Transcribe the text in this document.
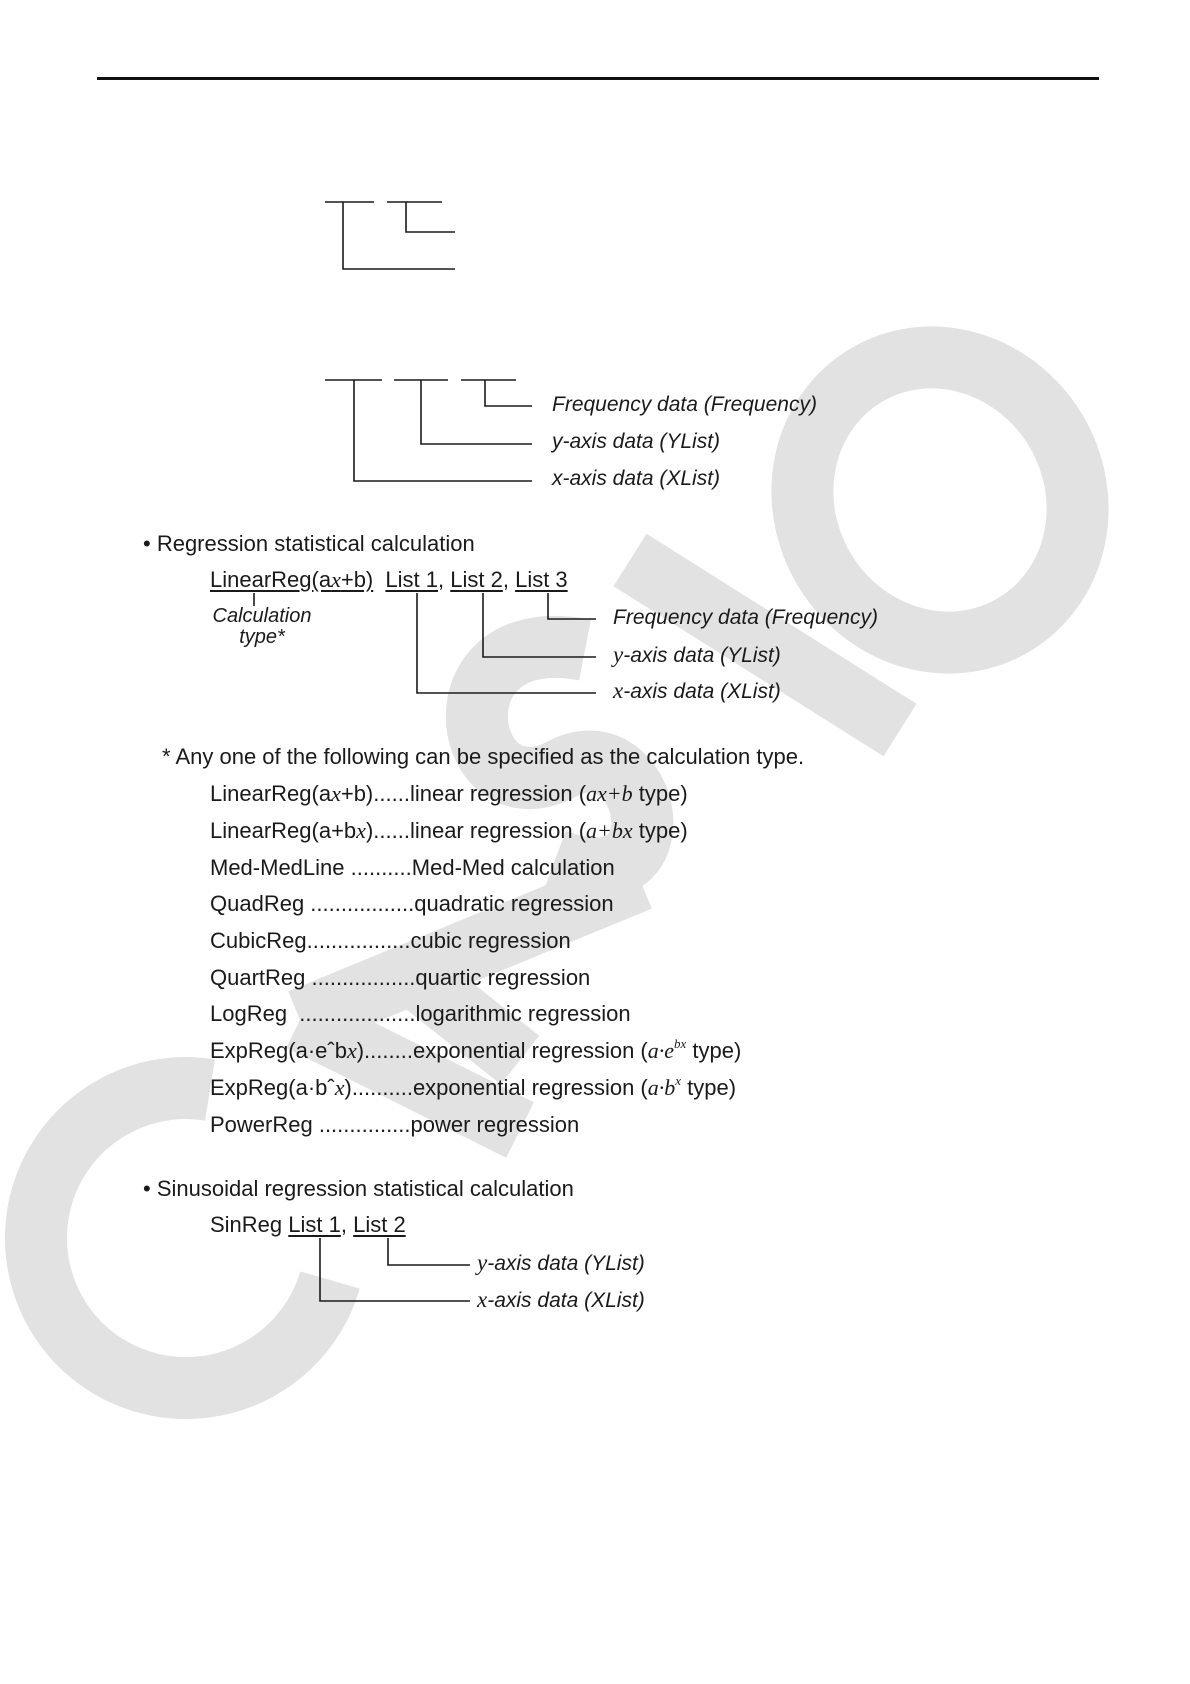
Frequency data (Frequency)
y-axis data (YList)
x-axis data (XList)
• Regression statistical calculation
LinearReg(ax+b) List 1, List 2, List 3
Calculation
type*
Frequency data (Frequency)
y-axis data (YList)
x-axis data (XList)
* Any one of the following can be specified as the calculation type.
LinearReg(ax+b)......linear regression (ax+b type)
LinearReg(a+bx)......linear regression (a+bx type)
Med-MedLine ..........Med-Med calculation
QuadReg .................quadratic regression
CubicReg.................cubic regression
QuartReg .................quartic regression
LogReg  ...................logarithmic regression
ExpReg(a·eˆbx)........exponential regression ($a\cdot e^{bx}$ type)
ExpReg(a·bˆx)..........exponential regression ($a\cdot b^x$ type)
PowerReg ...............power regression
• Sinusoidal regression statistical calculation
SinReg List 1, List 2
y-axis data (YList)
x-axis data (XList)
